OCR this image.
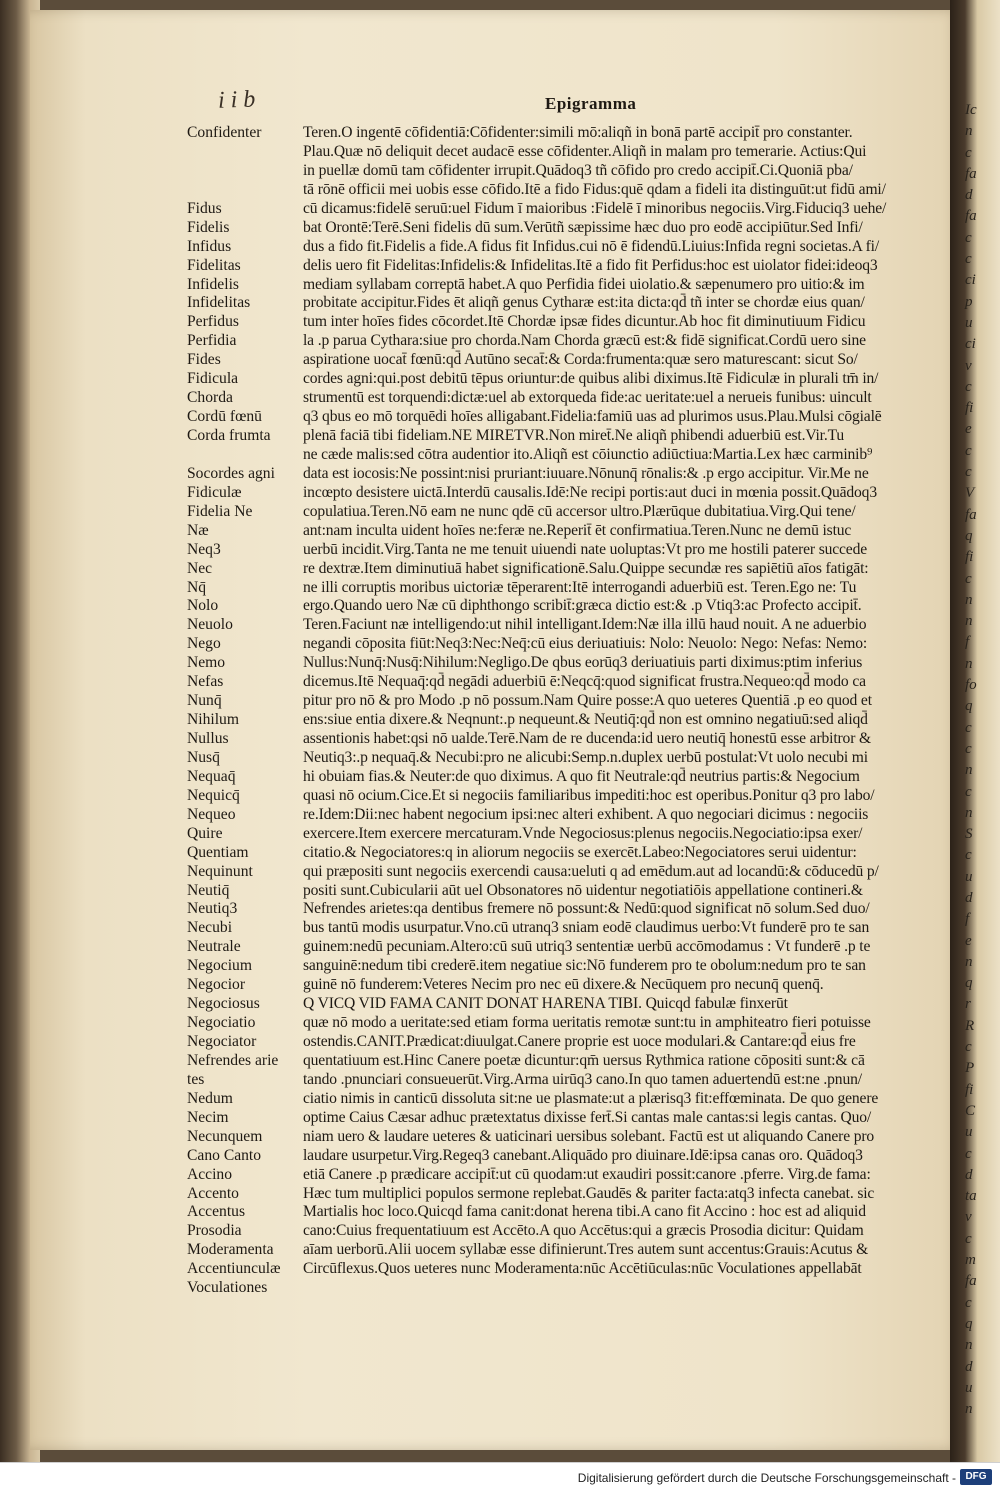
Ic
n
c
fa
d
fa
c
c
ci
p
u
ci
v
c
fi
e
c
c
V
fa
q
fi
c
n
n
f
n
fo
q
c
c
n
c
n
S
c
u
d
f
e
n
q
r
R
c
P
fi
C
u
c
d
ta
v
c
m
fa
c
q
n
d
u
n
iib	Epigramma
Confidenter
Fidus
Fidelis
Infidus
Fidelitas
Infidelis
Infidelitas
Perfidus
Perfidia
Fides
Fidicula
Chorda
Cordū fœnū
Corda frumta
Socordes agni
Fidiculæ
Fidelia Ne
Næ
Neq3
Nec
Nq̄
Nolo
Neuolo
Nego
Nemo
Nefas
Nunq̄
Nihilum
Nullus
Nusq̄
Nequaq̄
Nequicq̄
Nequeo
Quire
Quentiam
Nequinunt
Neutiq̄
Neutiq3
Necubi
Neutrale
Negocium
Negocior
Negociosus
Negociatio
Negociator
Nefrendes arie
tes
Nedum
Necim
Necunquem
Cano Canto
Accino
Accento
Accentus
Prosodia
Moderamenta
Accentiunculæ
Voculationes
Teren.O ingentē cōfidentiā:Cōfidenter:simili mō:aliqñ in bonā partē accipit̄ pro constanter.
Plau.Quæ nō deliquit decet audacē esse cōfidenter.Aliqñ in malam pro temerarie. Actius:Qui
in puellæ domū tam cōfidenter irrupit.Quādoq3 tñ cōfido pro credo accipit̄.Ci.Quoniā pba/
tā rōnē officii mei uobis esse cōfido.Itē a fido Fidus:quē qdam a fideli ita distinguūt:ut fidū ami/
cū dicamus:fidelē seruū:uel Fidum ī maioribus :Fidelē ī minoribus negociis.Virg.Fiduciq3 uehe/
bat Orontē:Terē.Seni fidelis dū sum.Verūtñ sæpissime hæc duo pro eodē accipiūtur.Sed Infi/
dus a fido fit.Fidelis a fide.A fidus fit Infidus.cui nō ē fidendū.Liuius:Infida regni societas.A fi/
delis uero fit Fidelitas:Infidelis:& Infidelitas.Itē a fido fit Perfidus:hoc est uiolator fidei:ideoq3
mediam syllabam correptā habet.A quo Perfidia fidei uiolatio.& sæpenumero pro uitio:& im
probitate accipitur.Fides ēt aliqñ genus Cytharæ est:ita dicta:qd̄ tñ inter se chordæ eius quan/
tum inter hoīes fides cōcordet.Itē Chordæ ipsæ fides dicuntur.Ab hoc fit diminutiuum Fidicu
la .p parua Cythara:siue pro chorda.Nam Chorda græcū est:& fidē significat.Cordū uero sine
aspiratione uocat̄ fœnū:qd̄ Autūno secat̄:& Corda:frumenta:quæ sero maturescant: sicut So/
cordes agni:qui.post debitū tēpus oriuntur:de quibus alibi diximus.Itē Fidiculæ in plurali tm̄ in/
strumentū est torquendi:dictæ:uel ab extorqueda fide:ac ueritate:uel a nerueis funibus: uincult
q3 qbus eo mō torquēdi hoīes alligabant.Fidelia:famiū uas ad plurimos usus.Plau.Mulsi cōgialē
plenā faciā tibi fideliam.NE MIRETVR.Non miret̄.Ne aliqñ phibendi aduerbiū est.Vir.Tu
ne cæde malis:sed cōtra audentior ito.Aliqñ est cōiunctio adiūctiua:Martia.Lex hæc carminib⁹
data est iocosis:Ne possint:nisi pruriant:iuuare.Nōnunq̄ rōnalis:& .p ergo accipitur. Vir.Me ne
incœpto desistere uictā.Interdū causalis.Idē:Ne recipi portis:aut duci in mœnia possit.Quādoq3
copulatiua.Teren.Nō eam ne nunc qdē cū accersor ultro.Plærūque dubitatiua.Virg.Qui tene/
ant:nam inculta uident hoīes ne:feræ ne.Reperit̄ ēt confirmatiua.Teren.Nunc ne demū istuc
uerbū incidit.Virg.Tanta ne me tenuit uiuendi nate uoluptas:Vt pro me hostili paterer succede
re dextræ.Item diminutiuā habet significationē.Salu.Quippe secundæ res sapiētiū aīos fatigāt:
ne illi corruptis moribus uictoriæ tēperarent:Itē interrogandi aduerbiū est. Teren.Ego ne: Tu
ergo.Quando uero Næ cū diphthongo scribit̄:græca dictio est:& .p Vtiq3:ac Profecto accipit̄.
Teren.Faciunt næ intelligendo:ut nihil intelligant.Idem:Næ illa illū haud nouit. A ne aduerbio
negandi cōposita fiūt:Neq3:Nec:Neq̄:cū eius deriuatiuis: Nolo: Neuolo: Nego: Nefas: Nemo:
Nullus:Nunq̄:Nusq̄:Nihilum:Negligo.De qbus eorūq3 deriuatiuis parti diximus:ptim inferius
dicemus.Itē Nequaq̄:qd̄ negādi aduerbiū ē:Neqcq̄:quod significat frustra.Nequeo:qd̄ modo ca
pitur pro nō & pro Modo .p nō possum.Nam Quire posse:A quo ueteres Quentiā .p eo quod et
ens:siue entia dixere.& Neqnunt:.p nequeunt.& Neutiq̄:qd̄ non est omnino negatiuū:sed aliqd̄
assentionis habet:qsi nō ualde.Terē.Nam de re ducenda:id uero neutiq̄ honestū esse arbitror &
Neutiq3:.p nequaq̄.& Necubi:pro ne alicubi:Semp.n.duplex uerbū postulat:Vt uolo necubi mi
hi obuiam fias.& Neuter:de quo diximus. A quo fit Neutrale:qd̄ neutrius partis:& Negocium
quasi nō ocium.Cice.Et si negociis familiaribus impediti:hoc est operibus.Ponitur q3 pro labo/
re.Idem:Dii:nec habent negocium ipsi:nec alteri exhibent. A quo negociari dicimus : negociis
exercere.Item exercere mercaturam.Vnde Negociosus:plenus negociis.Negociatio:ipsa exer/
citatio.& Negociatores:q in aliorum negociis se exercēt.Labeo:Negociatores serui uidentur:
qui præpositi sunt negociis exercendi causa:ueluti q ad emēdum.aut ad locandū:& cōducedū p/
positi sunt.Cubicularii aūt uel Obsonatores nō uidentur negotiatiōis appellatione contineri.&
Nefrendes arietes:qa dentibus fremere nō possunt:& Nedū:quod significat nō solum.Sed duo/
bus tantū modis usurpatur.Vno.cū utranq3 sniam eodē claudimus uerbo:Vt funderē pro te san
guinem:nedū pecuniam.Altero:cū suū utriq3 sententiæ uerbū accōmodamus : Vt funderē .p te
sanguinē:nedum tibi crederē.item negatiue sic:Nō funderem pro te obolum:nedum pro te san
guinē nō funderem:Veteres Necim pro nec eū dixere.& Necūquem pro necunq̄ quenq̄.
Q VICQ VID FAMA CANIT DONAT HARENA TIBI. Quicqd fabulæ finxerūt
quæ nō modo a ueritate:sed etiam forma ueritatis remotæ sunt:tu in amphiteatro fieri potuisse
ostendis.CANIT.Prædicat:diuulgat.Canere proprie est uoce modulari.& Cantare:qd̄ eius fre
quentatiuum est.Hinc Canere poetæ dicuntur:qm̄ uersus Rythmica ratione cōpositi sunt:& cā
tando .pnunciari consueuerūt.Virg.Arma uirūq3 cano.In quo tamen aduertendū est:ne .pnun/
ciatio nimis in canticū dissoluta sit:ne ue plasmate:ut a plærisq3 fit:effœminata. De quo genere
optime Caius Cæsar adhuc prætextatus dixisse fert̄.Si cantas male cantas:si legis cantas. Quo/
niam uero & laudare ueteres & uaticinari uersibus solebant. Factū est ut aliquando Canere pro
laudare usurpetur.Virg.Regeq3 canebant.Aliquādo pro diuinare.Idē:ipsa canas oro. Quādoq3
etiā Canere .p prædicare accipit̄:ut cū quodam:ut exaudiri possit:canore .pferre. Virg.de fama:
Hæc tum multiplici populos sermone replebat.Gaudēs & pariter facta:atq3 infecta canebat. sic
Martialis hoc loco.Quicqd fama canit:donat herena tibi.A cano fit Accino : hoc est ad aliquid
cano:Cuius frequentatiuum est Accēto.A quo Accētus:qui a græcis Prosodia dicitur: Quidam
aīam uerborū.Alii uocem syllabæ esse difinierunt.Tres autem sunt accentus:Grauis:Acutus &
Circūflexus.Quos ueteres nunc Moderamenta:nūc Accētiūculas:nūc Voculationes appellabāt
Digitalisierung gefördert durch die Deutsche Forschungsgemeinschaft - DFG
